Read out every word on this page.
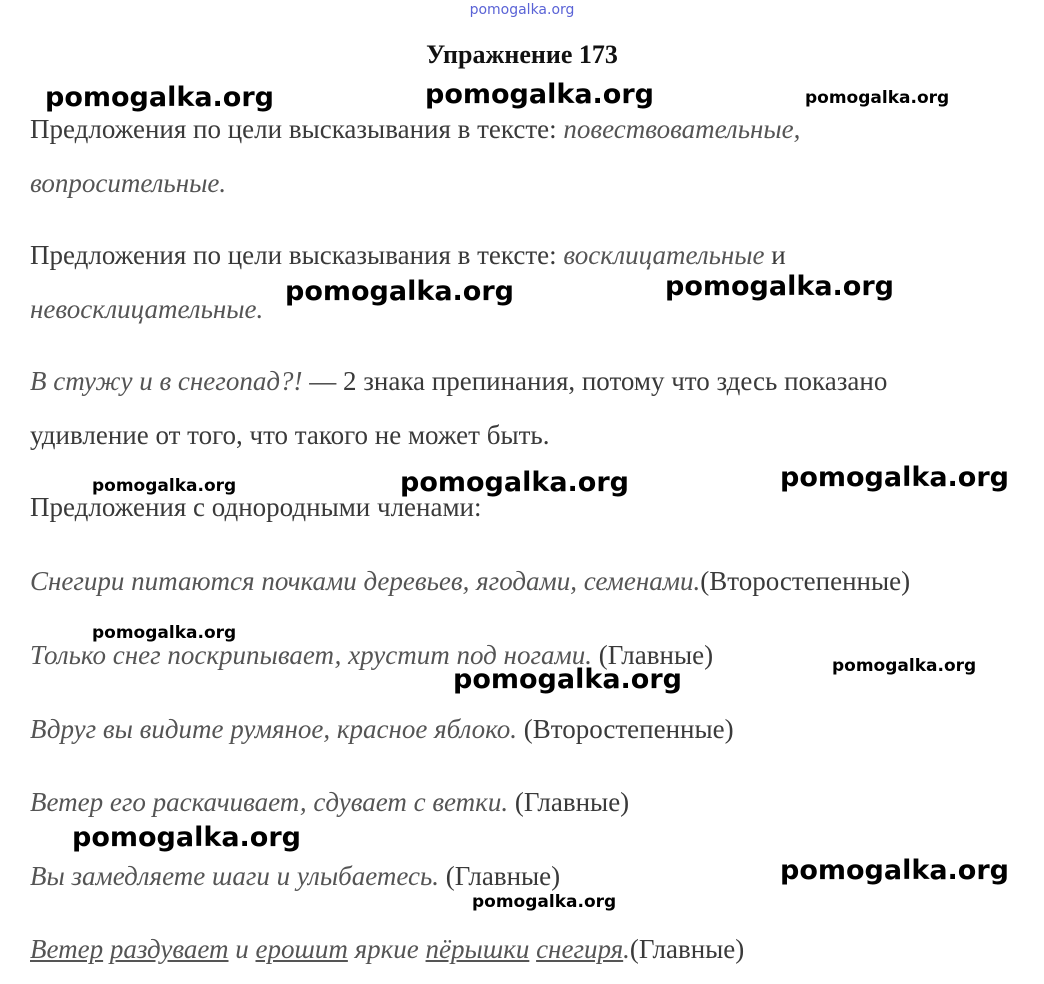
pomogalka.org
Упражнение 173
Предложения по цели высказывания в тексте: повествовательные,
вопросительные.
Предложения по цели высказывания в тексте: восклицательные и
невосклицательные.
В стужу и в снегопад?! — 2 знака препинания, потому что здесь показано
удивление от того, что такого не может быть.
Предложения с однородными членами:
Снегири питаются почками деревьев, ягодами, семенами.(Второстепенные)
Только снег поскрипывает, хрустит под ногами. (Главные)
Вдруг вы видите румяное, красное яблоко. (Второстепенные)
Ветер его раскачивает, сдувает с ветки. (Главные)
Вы замедляете шаги и улыбаетесь. (Главные)
Ветер раздувает и ерошит яркие пёрышки снегиря.(Главные)
pomogalka.org	pomogalka.org	pomogalka.org
pomogalka.org	pomogalka.org
pomogalka.org	pomogalka.org	pomogalka.org
pomogalka.org
pomogalka.org
pomogalka.org
pomogalka.org
pomogalka.org
pomogalka.org
